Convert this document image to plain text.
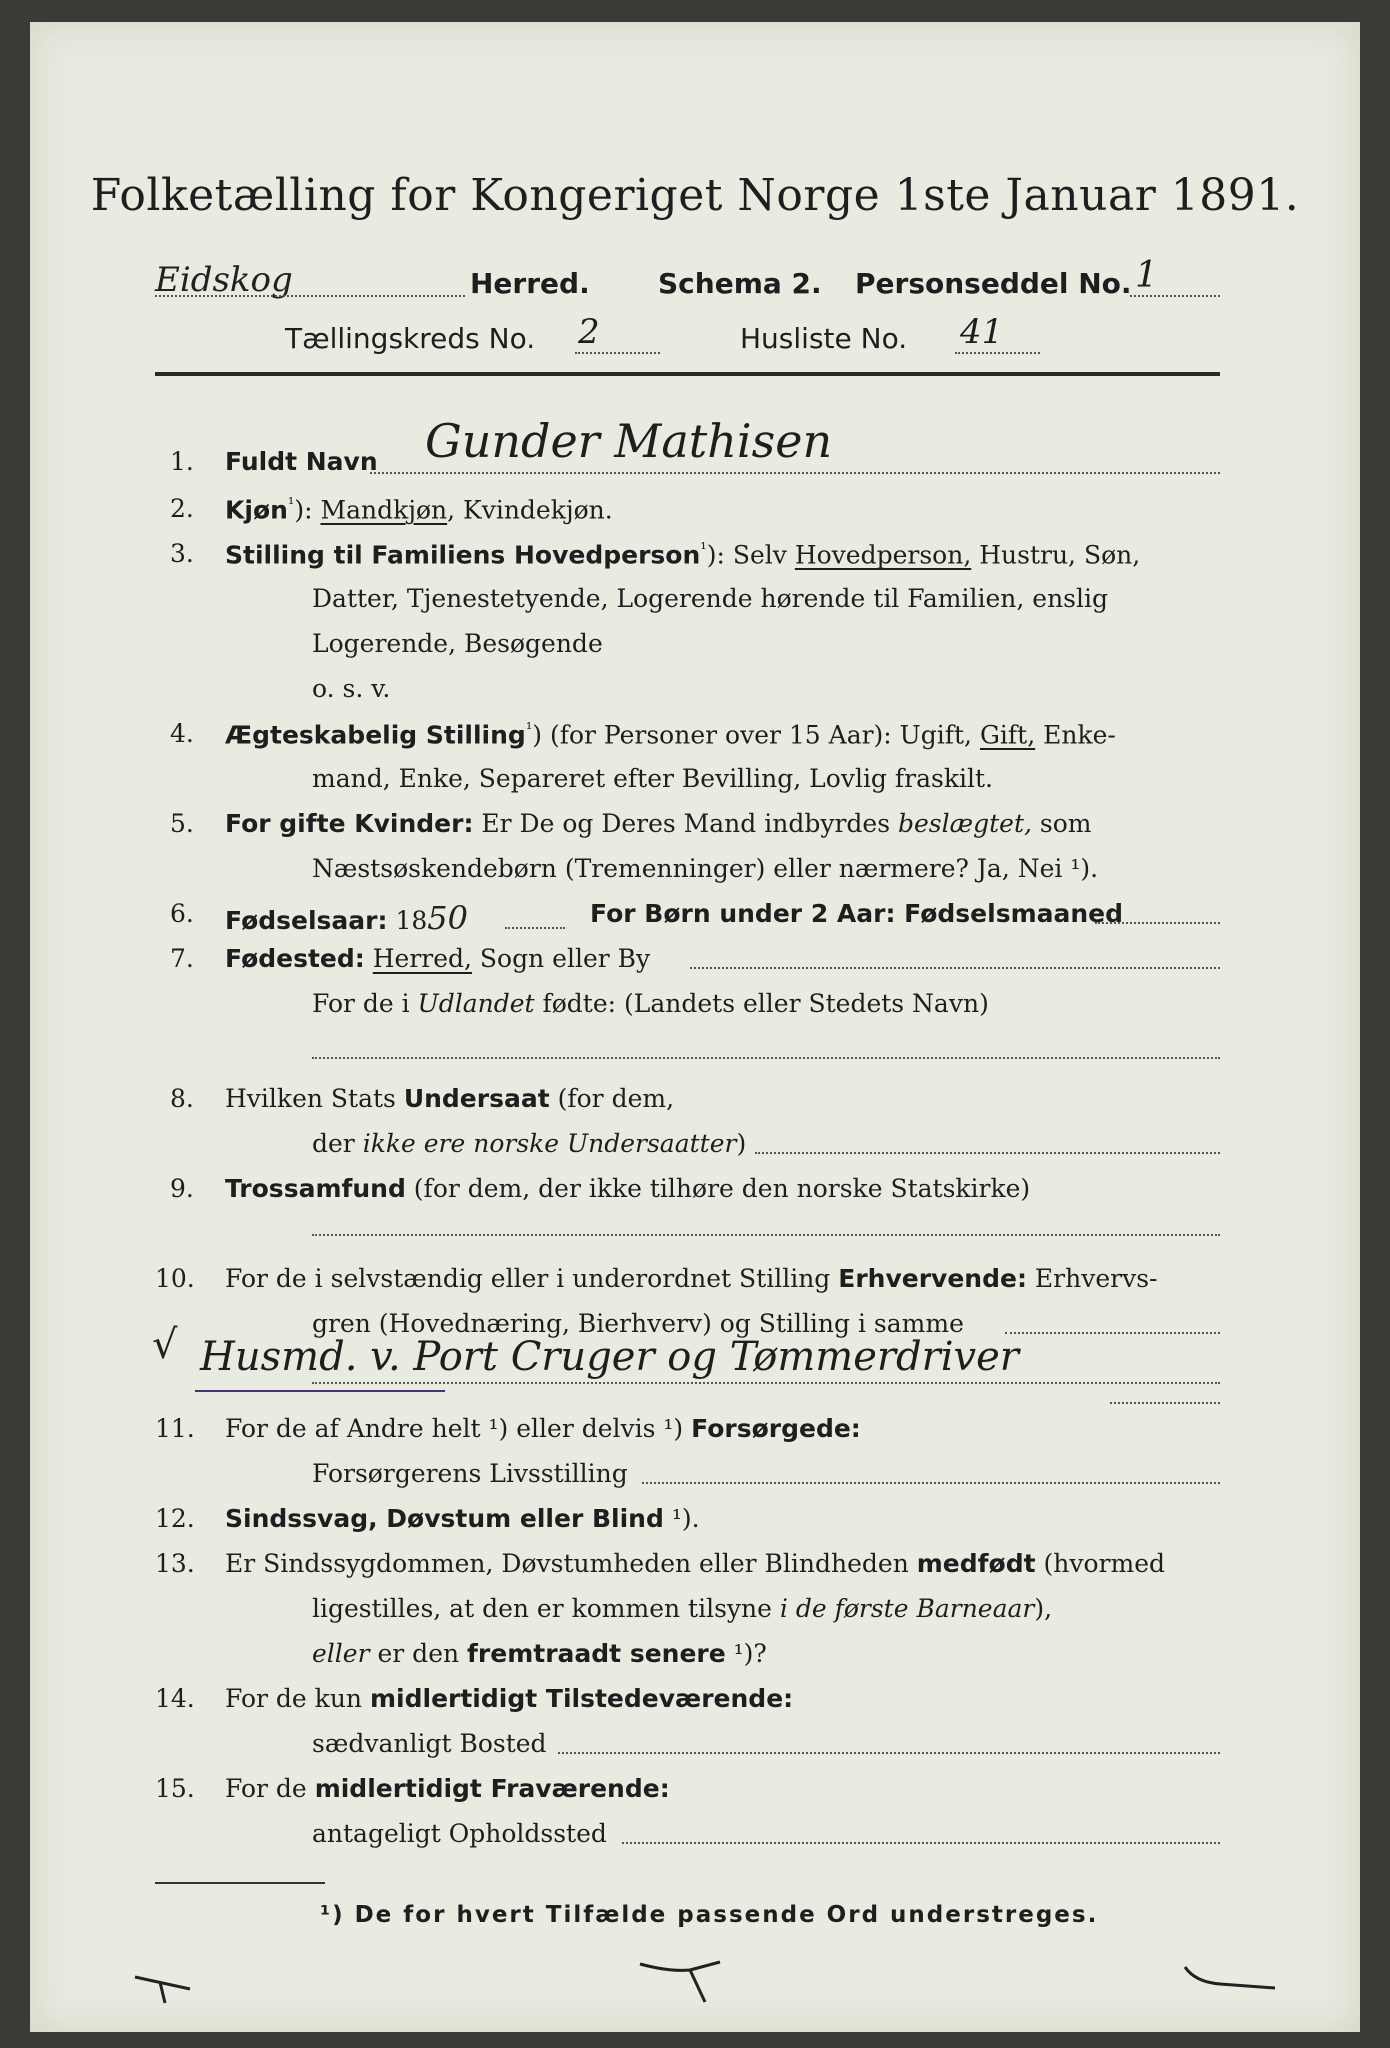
Folketælling for Kongeriget Norge 1ste Januar 1891.
Eidskog	Herred. Schema 2. Personseddel No. 1
Tællingskreds No. 2	Husliste No. 41
1. Fuldt Navn Gunder Mathisen
2. Kjøn$^{^1}$): Mandkjøn, Kvindekjøn.
3. Stilling til Familiens Hovedperson$^{^1}$): Selv Hovedperson, Hustru, Søn,
Datter, Tjenestetyende, Logerende hørende til Familien, enslig
Logerende, Besøgende
o. s. v.
4. Ægteskabelig Stilling$^{^1}$) (for Personer over 15 Aar): Ugift, Gift, Enke-
mand, Enke, Separeret efter Bevilling, Lovlig fraskilt.
5. For gifte Kvinder: Er De og Deres Mand indbyrdes beslægtet, som
Næstsøskendebørn (Tremenninger) eller nærmere? Ja, Nei ¹).
6. Fødselsaar: 1850	For Børn under 2 Aar: Fødselsmaaned
7. Fødested: Herred, Sogn eller By
For de i Udlandet fødte: (Landets eller Stedets Navn)
8. Hvilken Stats Undersaat (for dem,
der ikke ere norske Undersaatter)
9. Trossamfund (for dem, der ikke tilhøre den norske Statskirke)
10. For de i selvstændig eller i underordnet Stilling Erhvervende: Erhvervs-
gren (Hovednæring, Bierhverv) og Stilling i samme
√ Husmd. v. Port Cruger og Tømmerdriver
11. For de af Andre helt ¹) eller delvis ¹) Forsørgede:
Forsørgerens Livsstilling
12. Sindssvag, Døvstum eller Blind ¹).
13. Er Sindssygdommen, Døvstumheden eller Blindheden medfødt (hvormed
ligestilles, at den er kommen tilsyne i de første Barneaar),
eller er den fremtraadt senere ¹)?
14. For de kun midlertidigt Tilstedeværende:
sædvanligt Bosted
15. For de midlertidigt Fraværende:
antageligt Opholdssted
¹) De for hvert Tilfælde passende Ord understreges.
